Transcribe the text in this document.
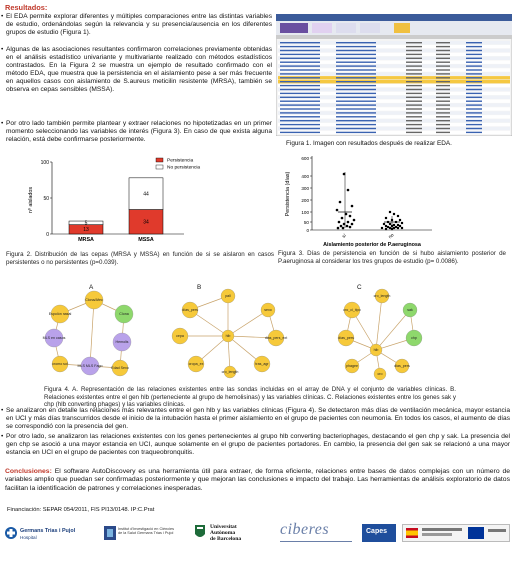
Resultados:
• El EDA permite explorar diferentes y múltiples comparaciones entre las distintas variables de estudio, ordenándolas según la relevancia y su presencia/ausencia en los diferentes grupos de estudio (Figura 1).
• Algunas de las asociaciones resultantes confirmaron correlaciones previamente obtenidas en el análisis estadístico univariante y multivariante realizado con métodos estadísticos contrastados. En la Figura 2 se muestra un ejemplo de resultado confirmado con el método EDA, que muestra que la persistencia en el aislamiento pese a ser más frecuente en aquellos casos con aislamiento de S.aureus meticilin resistente (MRSA), también se observa en cepas sensibles (MSSA).
• Por otro lado también permite plantear y extraer relaciones no hipotetizadas en un primer momento seleccionando las variables de interés (Figura 3). En caso de que exista alguna relación, está debe confirmarse posteriormente.
Figura 1. Imagen con resultados después de realizar EDA.
0
50
100
nº aislados
13
5
MRSA
34
44
MSSA
Persistencia
No persistencia
Figura 2. Distribución de las cepas (MRSA y MSSA) en función de si se aislaron en casos persistentes o no persistentes (p=0.039).
0
50
100
200
300
400
600
Persistencia (días)
sí	no
Aislamiento posterior de P.aeruginosa
Figura 3. Días de persistencia en función de si hubo aislamiento posterior de P.aeruginosa al considerar los tres grupos de estudio (p= 0.0086).
A	B	C
Clona/Afec
Espolón nasal	Clona
MLS en casos
Hemolis
MLS MLS Fago Edad Sexo
cromo sol
pall
días_pers	sexo
cepa	dias_pers_ext
cropa_ex	tras_agr
cro_length
hlb
cro_length
cro_ci_tipo	sak
días_pers	chp
hlb
dias_pers
phagee
cro
Figura 4. A. Representación de las relaciones existentes entre las sondas incluidas en el array de DNA y el conjunto de variables clínicas. B. Relaciones existentes entre el gen hlb (perteneciente al grupo de hemolisinas) y las variables clínicas. C. Relaciones existentes entre los genes sak y chp (hlb converting phages) y las variables clínicas.
• Se analizaron en detalle las relaciones más relevantes entre el gen hlb y las variables clínicas (Figura 4). Se detectaron más días de ventilación mecánica, mayor estancia en UCI y más días transcurridos desde el inicio de la intubación hasta el primer aislamiento en el grupo de pacientes con neumonía. En todos los casos, el aumento de días se correspondió con la presencia del gen.
• Por otro lado, se analizaron las relaciones existentes con los genes pertenecientes al grupo hlb converting bacteriophages, destacando el gen chp y sak. La presencia del gen chp se asoció a una mayor estancia en UCI, aunque solamente en el grupo de pacientes portadores. En cambio, la presencia del gen sak se relacionó a una mayor estancia en UCI en el grupo de pacientes con traqueobronquitis.
Conclusiones: El software AutoDiscovery es una herramienta útil para extraer, de forma eficiente, relaciones entre bases de datos complejas con un número de variables amplio que puedan ser confirmadas posteriormente y que mejoran las conclusiones e impacto del trabajo. Las herramientas de análisis exploratorio de datos facilitan la identificación de patrones y correlaciones inesperadas.
Financiación: SEPAR 054/2011, FIS PI13/0148. IP:C.Prat
Germans Trias i Pujol
Hospital
Institut d'Investigació en Ciències de la Salut Germans Trias i Pujol
Universitat
Autònoma
de Barcelona
ciberes	Capes
